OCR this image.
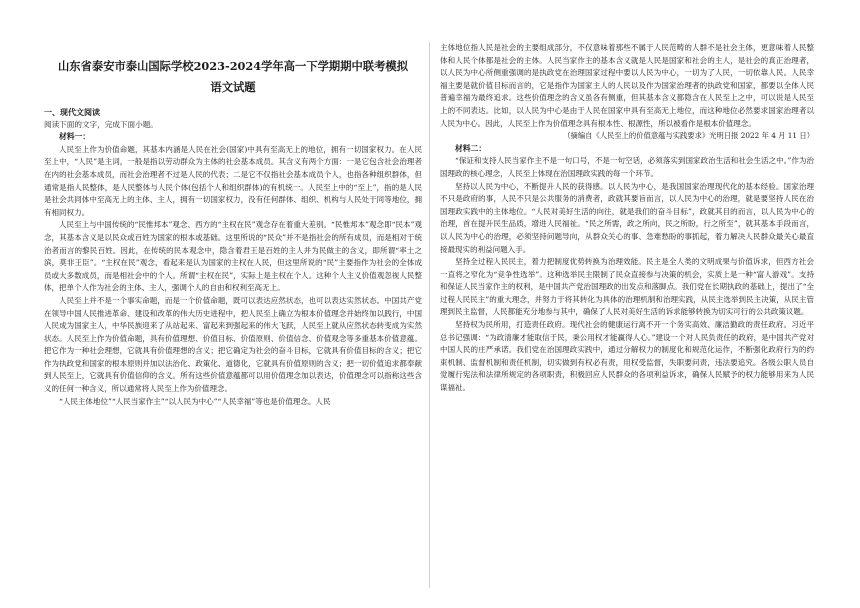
山东省泰安市泰山国际学校2023-2024学年高一下学期期中联考模拟
语文试题
一、现代文阅读
阅读下面的文字，完成下面小题。
材料一：

人民至上作为价值命题，其基本内涵是人民在社会(国家)中具有至高无上的地位，拥有一切国家权力。在人民至上中，“人民”是主词，一般是指以劳动群众为主体的社会基本成员。其含义有两个方面：一是它包含社会治理者在内的社会基本成员，而社会治理者不过是人民的代表；二是它不仅指社会基本成员个人，也指各种组织群体，但通常是指人民整体，是人民整体与人民个体(包括个人和组织群体)的有机统一。人民至上中的“至上”，指的是人民是社会共同体中至高无上的主体、主人，拥有一切国家权力，没有任何群体、组织、机构与人民处于同等地位，拥有相同权力。

人民至上与中国传统的“民惟邦本”观念、西方的“主权在民”观念存在着重大差别。“民惟邦本”观念即“民本”观念，其基本含义是以民众或百姓为国家的根本或基础。这里所说的“民众”并不是指社会的所有成员，而是相对于统治者而言的黎民百姓。因此，在传统的民本观念中，隐含着君王是百姓的主人并为民做主的含义，即所谓“率土之滨，莫非王臣”。“主权在民”观念，看起来是认为国家的主权在人民，但这里所说的“民”主要指作为社会的全体成员或大多数成员，而是相社会中的个人。所谓“主权在民”，实际上是主权在个人。这种个人主义价值观忽视人民整体，把单个人作为社会的主体、主人，强调个人的自由和权利至高无上。

人民至上并不是一个事实命题，而是一个价值命题，既可以表达应然状态，也可以表达实然状态。中国共产党在领导中国人民推进革命、建设和改革的伟大历史进程中，把人民至上确立为根本价值理念并始终加以践行，中国人民成为国家主人，中华民族迎来了从站起来、富起来到强起来的伟大飞跃，人民至上就从应然状态转变成为实然状态。人民至上作为价值命题，具有价值理想、价值目标、价值原则、价值信念、价值观念等多重基本价值意蕴。把它作为一种社会理想，它就具有价值理想的含义；把它确定为社会的奋斗目标，它就具有价值目标的含义；把它作为执政党和国家的根本原则并加以法治化、政策化、道德化，它就具有价值原则的含义；把一切价值追求都奉献到人民至上，它就具有价值信仰的含义。所有这些价值意蕴都可以用价值理念加以表达，价值理念可以指称这些含义的任何一种含义，所以通常将人民至上作为价值理念。

“人民主体地位”“人民当家作主”“以人民为中心”“人民幸福”等也是价值理念。人民

主体地位指人民是社会的主要组成部分，不仅意味着那些不属于人民范畴的人群不是社会主体，更意味着人民整体和人民个体都是社会的主体。人民当家作主的基本含义就是人民是国家和社会的主人，是社会的真正治理者，以人民为中心所侧重强调的是执政党在治理国家过程中要以人民为中心，一切为了人民，一切依靠人民。人民幸福主要是就价值目标而言的，它是指作为国家主人的人民以及作为国家治理者的执政党和国家，都要以全体人民普遍幸福为最终追求。这些价值理念的含义虽各有侧重，但其基本含义都隐含在人民至上之中，可以说是人民至上的不同表达。比如，以人民为中心是由于人民在国家中具有至高无上地位，而这种地位必然要求国家治理者以人民为中心。因此，人民至上作为价值理念具有根本性、根源性，所以被看作是根本价值理念。

（摘编自《人民至上的价值意蕴与实践要求》光明日报 2022 年 4 月 11 日）

材料二：

“保证和支持人民当家作主不是一句口号，不是一句空话，必须落实到国家政治生活和社会生活之中。”作为治国理政的核心理念，人民至上体现在治国理政实践的每一个环节。

坚持以人民为中心，不断提升人民的获得感。以人民为中心，是我国国家治理现代化的基本经验。国家治理不只是政府的事，人民不只是公共服务的消费者，政就其要旨而言，以人民为中心的治理，就是要坚持人民在治国理政实践中的主体地位。“人民对美好生活的向往，就是我们的奋斗目标”，政就其目的而言，以人民为中心的治理，首在提升民生品质，增进人民福祉。“民之所需，政之所向，民之所盼，行之所至”，就其基本手段而言，以人民为中心的治理，必须坚持问题导向，从群众关心的事、急难愁盼的事抓起，着力解决人民群众最关心最直接最现实的利益问题入手。

坚持全过程人民民主，着力把制度优势转换为治理效能。民主是全人类的文明成果与价值诉求，但西方社会一直将之窄化为“竞争性选举”。这种选举民主限制了民众直接参与决策的机会，实质上是一种“富人游戏”。支持和保证人民当家作主的权利，是中国共产党治国理政的出发点和落脚点。我们党在长期执政的基础上，提出了“全过程人民民主”的重大理念，并努力于将其转化为具体的治理机制和治理实践，从民主选举到民主决策，从民主管理到民主监督，人民都能充分地参与其中，确保了人民对美好生活的诉求能够转换为切实可行的公共政策议题。

坚持权为民所用，打造责任政府。现代社会的健康运行离不开一个务实高效、廉洁勤政的责任政府。习近平总书记强调：“为政清廉才能取信于民，秉公用权才能赢得人心。”建设一个对人民负责任的政府，是中国共产党对中国人民的庄严承诺。我们党在治国理政实践中，通过分解权力的制度化和规范化运作，不断强化政府行为的约束机制、监督机制和责任机制，切实做到有权必有责，用权受监督，失职要问责，违法要追究。各级公职人员自觉履行宪法和法律所规定的各项职责，积极回应人民群众的各项利益诉求，确保人民赋予的权力能够用来为人民谋福祉。
